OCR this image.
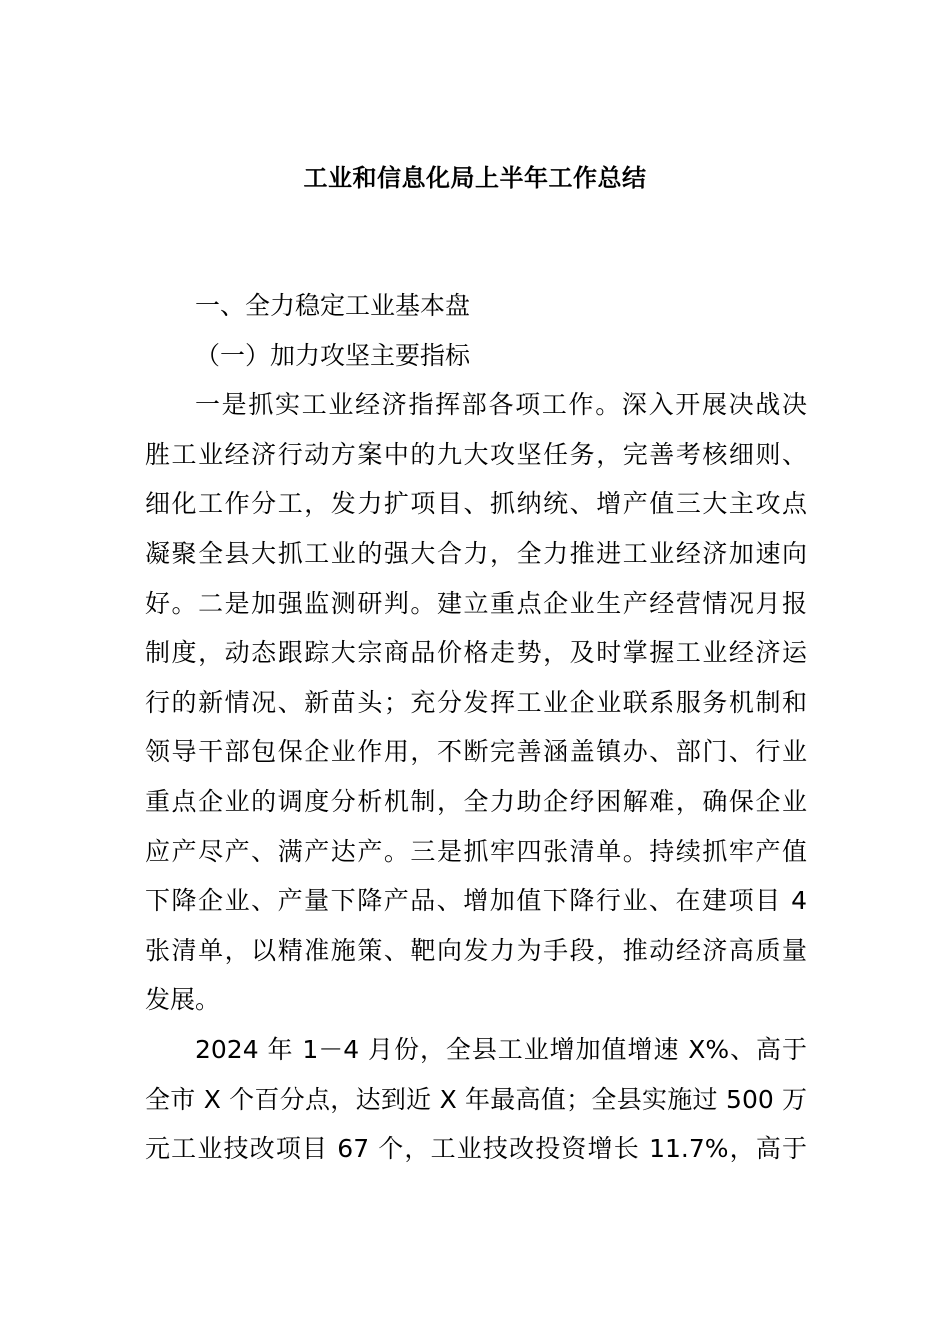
工业和信息化局上半年工作总结
一、全力稳定工业基本盘
（一）加力攻坚主要指标
一是抓实工业经济指挥部各项工作。深入开展决战决
胜工业经济行动方案中的九大攻坚任务，完善考核细则、
细化工作分工，发力扩项目、抓纳统、增产值三大主攻点
凝聚全县大抓工业的强大合力，全力推进工业经济加速向
好。二是加强监测研判。建立重点企业生产经营情况月报
制度，动态跟踪大宗商品价格走势，及时掌握工业经济运
行的新情况、新苗头；充分发挥工业企业联系服务机制和
领导干部包保企业作用，不断完善涵盖镇办、部门、行业
重点企业的调度分析机制，全力助企纾困解难，确保企业
应产尽产、满产达产。三是抓牢四张清单。持续抓牢产值
下降企业、产量下降产品、增加值下降行业、在建项目 4
张清单，以精准施策、靶向发力为手段，推动经济高质量
发展。
2024 年 1－4 月份，全县工业增加值增速 X%、高于
全市 X 个百分点，达到近 X 年最高值；全县实施过 500 万
元工业技改项目 67 个，工业技改投资增长 11.7%，高于
